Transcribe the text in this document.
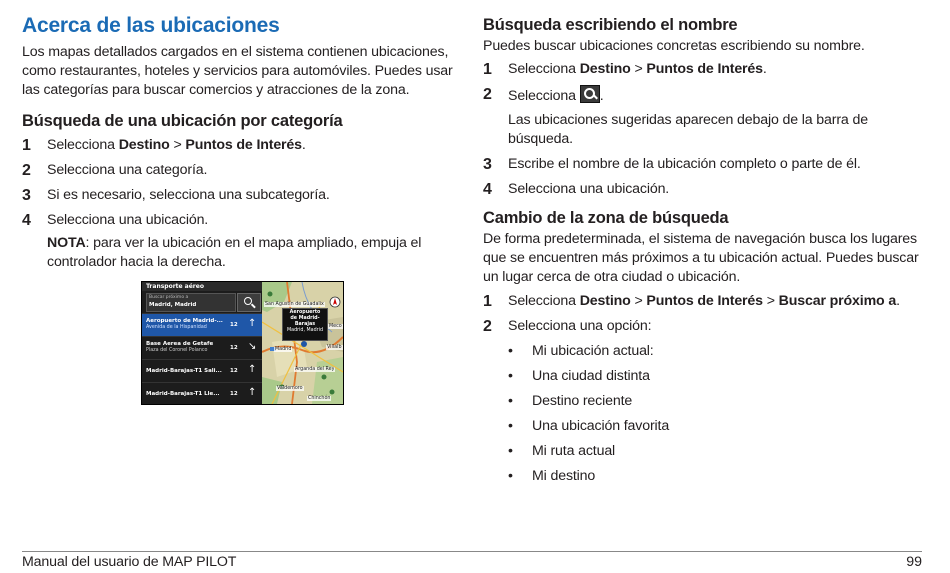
Acerca de las ubicaciones

Los mapas detallados cargados en el sistema contienen ubicaciones, como restaurantes, hoteles y servicios para automóviles. Puedes usar las categorías para buscar comercios y atracciones de la zona.

Búsqueda de una ubicación por categoría
1 Selecciona Destino > Puntos de Interés.
2 Selecciona una categoría.
3 Si es necesario, selecciona una subcategoría.
4 Selecciona una ubicación.
NOTA: para ver la ubicación en el mapa ampliado, empuja el controlador hacia la derecha.
Transporte aéreo
Buscar próximo a
Madrid, Madrid
Aeropuerto de Madrid-...
Avenida de la Hispanidad	12 ↑
Base Aerea de Getafe
Plaza del Coronel Polanco	12 ↘
Madrid-Barajas-T1 Sali... 12 ↑
Madrid-Barajas-T1 Lle... 12 ↑
Aeropuerto
de Madrid-
Barajas
Madrid, Madrid
San Agustín de Guadalix
Madrid
Arganda del Rey
Valdemoro
Chinchón
Meco
Villalb
Búsqueda escribiendo el nombre

Puedes buscar ubicaciones concretas escribiendo su nombre.

1 Selecciona Destino > Puntos de Interés.
2 Selecciona .
Las ubicaciones sugeridas aparecen debajo de la barra de búsqueda.
3 Escribe el nombre de la ubicación completo o parte de él.
4 Selecciona una ubicación.
Cambio de la zona de búsqueda

De forma predeterminada, el sistema de navegación busca los lugares que se encuentren más próximos a tu ubicación actual. Puedes buscar un lugar cerca de otra ciudad o ubicación.

1 Selecciona Destino > Puntos de Interés > Buscar próximo a.
2 Selecciona una opción:
• Mi ubicación actual:
• Una ciudad distinta
• Destino reciente
• Una ubicación favorita
• Mi ruta actual
• Mi destino
Manual del usuario de MAP PILOT	99
